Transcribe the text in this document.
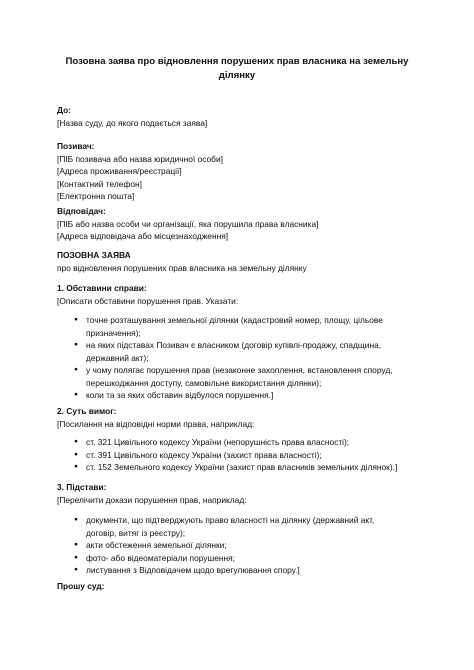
Позовна заява про відновлення порушених прав власника на земельну
ділянку
До:
[Назва суду, до якого подається заява]
Позивач:
[ПІБ позивача або назва юридичної особи]
[Адреса проживання/реєстрації]
[Контактний телефон]
[Електронна пошта]
Відповідач:
[ПІБ або назва особи чи організації, яка порушила права власника]
[Адреса відповідача або місцезнаходження]
ПОЗОВНА ЗАЯВА
про відновлення порушених прав власника на земельну ділянку
1. Обставини справи:
[Описати обставини порушення прав. Указати:
● точне розташування земельної ділянки (кадастровий номер, площу, цільове
призначення);
● на яких підставах Позивач є власником (договір купівлі-продажу, спадщина,
державний акт);
● у чому полягає порушення прав (незаконне захоплення, встановлення споруд,
перешкоджання доступу, самовільне використання ділянки);
● коли та за яких обставин відбулося порушення.]
2. Суть вимог:
[Посилання на відповідні норми права, наприклад:
● ст. 321 Цивільного кодексу України (непорушність права власності);
● ст. 391 Цивільного кодексу України (захист права власності);
● ст. 152 Земельного кодексу України (захист прав власників земельних ділянок).]
3. Підстави:
[Перелічити докази порушення прав, наприклад:
● документи, що підтверджують право власності на ділянку (державний акт,
договір, витяг із реєстру);
● акти обстеження земельної ділянки;
● фото- або відеоматеріали порушення;
● листування з Відповідачем щодо врегулювання спору.]
Прошу суд:
